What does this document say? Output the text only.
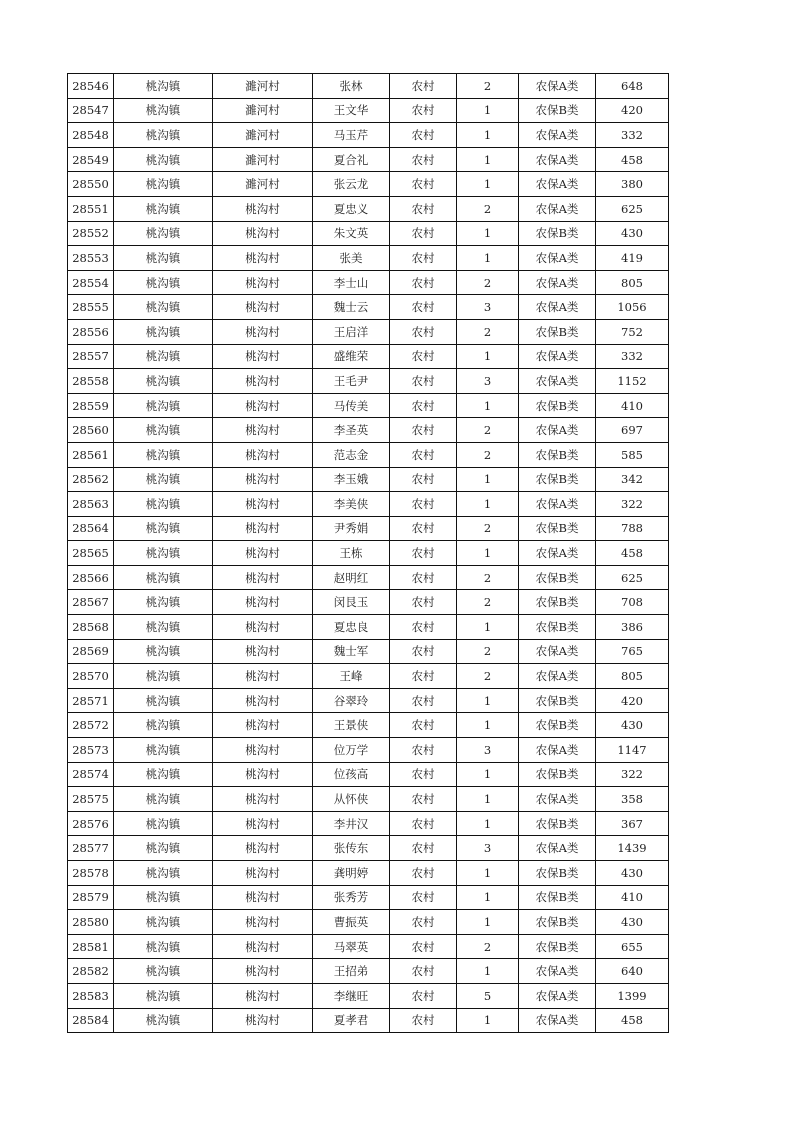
28546	桃沟镇	濉河村	张林	农村	2	农保A类	648
28547	桃沟镇	濉河村	王文华	农村	1	农保B类	420
28548	桃沟镇	濉河村	马玉芹	农村	1	农保A类	332
28549	桃沟镇	濉河村	夏合礼	农村	1	农保A类	458
28550	桃沟镇	濉河村	张云龙	农村	1	农保A类	380
28551	桃沟镇	桃沟村	夏忠义	农村	2	农保A类	625
28552	桃沟镇	桃沟村	朱文英	农村	1	农保B类	430
28553	桃沟镇	桃沟村	张美	农村	1	农保A类	419
28554	桃沟镇	桃沟村	李士山	农村	2	农保A类	805
28555	桃沟镇	桃沟村	魏士云	农村	3	农保A类	1056
28556	桃沟镇	桃沟村	王启洋	农村	2	农保B类	752
28557	桃沟镇	桃沟村	盛维荣	农村	1	农保A类	332
28558	桃沟镇	桃沟村	王毛尹	农村	3	农保A类	1152
28559	桃沟镇	桃沟村	马传美	农村	1	农保B类	410
28560	桃沟镇	桃沟村	李圣英	农村	2	农保A类	697
28561	桃沟镇	桃沟村	范志金	农村	2	农保B类	585
28562	桃沟镇	桃沟村	李玉娥	农村	1	农保B类	342
28563	桃沟镇	桃沟村	李美侠	农村	1	农保A类	322
28564	桃沟镇	桃沟村	尹秀娟	农村	2	农保B类	788
28565	桃沟镇	桃沟村	王栋	农村	1	农保A类	458
28566	桃沟镇	桃沟村	赵明红	农村	2	农保B类	625
28567	桃沟镇	桃沟村	闵艮玉	农村	2	农保B类	708
28568	桃沟镇	桃沟村	夏忠良	农村	1	农保B类	386
28569	桃沟镇	桃沟村	魏士军	农村	2	农保A类	765
28570	桃沟镇	桃沟村	王峰	农村	2	农保A类	805
28571	桃沟镇	桃沟村	谷翠玲	农村	1	农保B类	420
28572	桃沟镇	桃沟村	王景侠	农村	1	农保B类	430
28573	桃沟镇	桃沟村	位万学	农村	3	农保A类	1147
28574	桃沟镇	桃沟村	位孩高	农村	1	农保B类	322
28575	桃沟镇	桃沟村	从怀侠	农村	1	农保A类	358
28576	桃沟镇	桃沟村	李井汉	农村	1	农保B类	367
28577	桃沟镇	桃沟村	张传东	农村	3	农保A类	1439
28578	桃沟镇	桃沟村	龚明婷	农村	1	农保B类	430
28579	桃沟镇	桃沟村	张秀芳	农村	1	农保B类	410
28580	桃沟镇	桃沟村	曹振英	农村	1	农保B类	430
28581	桃沟镇	桃沟村	马翠英	农村	2	农保B类	655
28582	桃沟镇	桃沟村	王招弟	农村	1	农保A类	640
28583	桃沟镇	桃沟村	李继旺	农村	5	农保A类	1399
28584	桃沟镇	桃沟村	夏孝君	农村	1	农保A类	458
